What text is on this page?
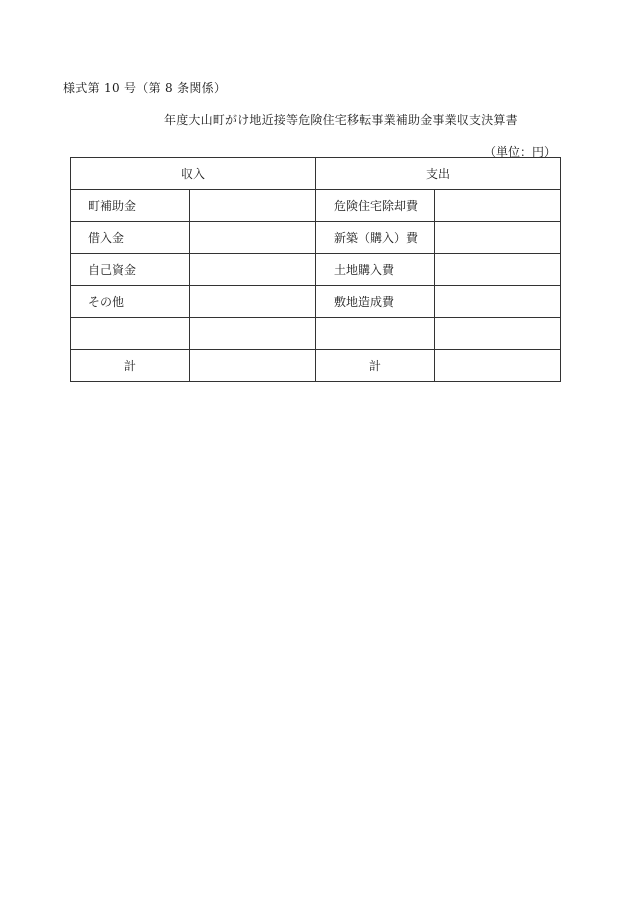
様式第 10 号（第 8 条関係）
年度大山町がけ地近接等危険住宅移転事業補助金事業収支決算書
（単位：円）
収入		支出	
町補助金		危険住宅除却費	
借入金		新築（購入）費	
自己資金		土地購入費	
その他		敷地造成費	

計		計	
